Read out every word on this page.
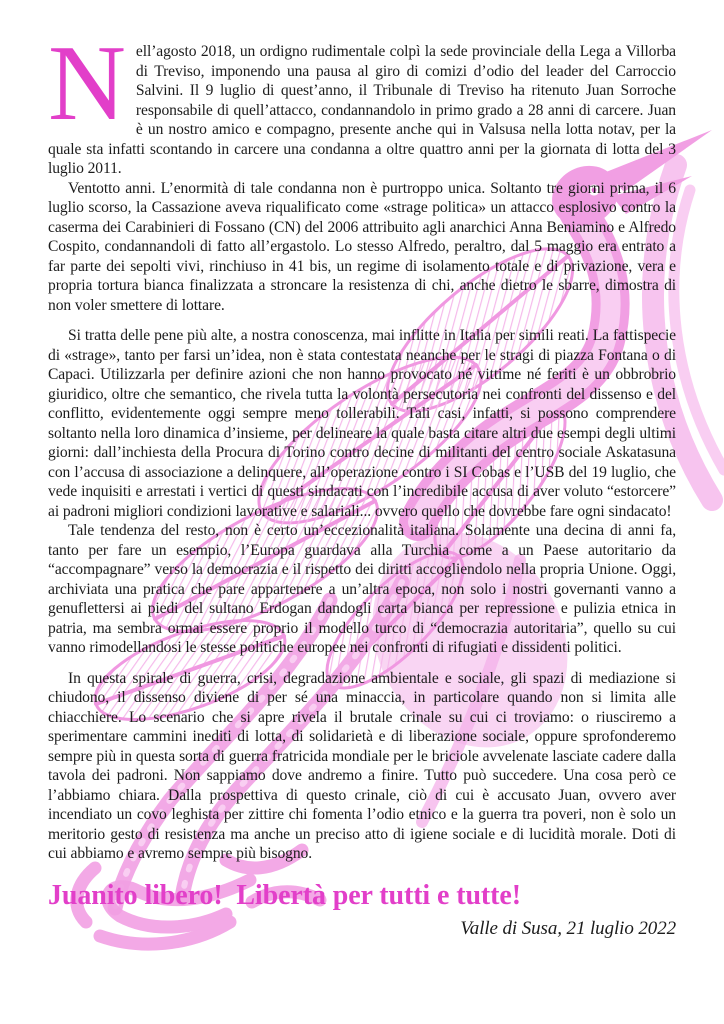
Nell’agosto 2018, un ordigno rudimentale colpì la sede provinciale della Lega a Villorba di Treviso, imponendo una pausa al giro di comizi d’odio del leader del Carroccio Salvini. Il 9 luglio di quest’anno, il Tribunale di Treviso ha ritenuto Juan Sorroche responsabile di quell’attacco, condannandolo in primo grado a 28 anni di carcere. Juan è un nostro amico e compagno, presente anche qui in Valsusa nella lotta notav, per la quale sta infatti scontando in carcere una condanna a oltre quattro anni per la giornata di lotta del 3 luglio 2011.

Ventotto anni. L’enormità di tale condanna non è purtroppo unica. Soltanto tre giorni prima, il 6 luglio scorso, la Cassazione aveva riqualificato come «strage politica» un attacco esplosivo contro la caserma dei Carabinieri di Fossano (CN) del 2006 attribuito agli anarchici Anna Beniamino e Alfredo Cospito, condannandoli di fatto all’ergastolo. Lo stesso Alfredo, peraltro, dal 5 maggio era entrato a far parte dei sepolti vivi, rinchiuso in 41 bis, un regime di isolamento totale e di privazione, vera e propria tortura bianca finalizzata a stroncare la resistenza di chi, anche dietro le sbarre, dimostra di non voler smettere di lottare.

Si tratta delle pene più alte, a nostra conoscenza, mai inflitte in Italia per simili reati. La fattispecie di «strage», tanto per farsi un’idea, non è stata contestata neanche per le stragi di piazza Fontana o di Capaci. Utilizzarla per definire azioni che non hanno provocato né vittime né feriti è un obbrobrio giuridico, oltre che semantico, che rivela tutta la volontà persecutoria nei confronti del dissenso e del conflitto, evidentemente oggi sempre meno tollerabili. Tali casi, infatti, si possono comprendere soltanto nella loro dinamica d’insieme, per delineare la quale basta citare altri due esempi degli ultimi giorni: dall’inchiesta della Procura di Torino contro decine di militanti del centro sociale Askatasuna con l’accusa di associazione a delinquere, all’operazione contro i SI Cobas e l’USB del 19 luglio, che vede inquisiti e arrestati i vertici di questi sindacati con l’incredibile accusa di aver voluto “estorcere” ai padroni migliori condizioni lavorative e salariali... ovvero quello che dovrebbe fare ogni sindacato!

Tale tendenza del resto, non è certo un’eccezionalità italiana. Solamente una decina di anni fa, tanto per fare un esempio, l’Europa guardava alla Turchia come a un Paese autoritario da “accompagnare” verso la democrazia e il rispetto dei diritti accogliendolo nella propria Unione. Oggi, archiviata una pratica che pare appartenere a un’altra epoca, non solo i nostri governanti vanno a genuflettersi ai piedi del sultano Erdogan dandogli carta bianca per repressione e pulizia etnica in patria, ma sembra ormai essere proprio il modello turco di “democrazia autoritaria”, quello su cui vanno rimodellandosi le stesse politiche europee nei confronti di rifugiati e dissidenti politici.

In questa spirale di guerra, crisi, degradazione ambientale e sociale, gli spazi di mediazione si chiudono, il dissenso diviene di per sé una minaccia, in particolare quando non si limita alle chiacchiere. Lo scenario che si apre rivela il brutale crinale su cui ci troviamo: o riusciremo a sperimentare cammini inediti di lotta, di solidarietà e di liberazione sociale, oppure sprofonderemo sempre più in questa sorta di guerra fratricida mondiale per le briciole avvelenate lasciate cadere dalla tavola dei padroni. Non sappiamo dove andremo a finire. Tutto può succedere. Una cosa però ce l’abbiamo chiara. Dalla prospettiva di questo crinale, ciò di cui è accusato Juan, ovvero aver incendiato un covo leghista per zittire chi fomenta l’odio etnico e la guerra tra poveri, non è solo un meritorio gesto di resistenza ma anche un preciso atto di igiene sociale e di lucidità morale. Doti di cui abbiamo e avremo sempre più bisogno.

Juanito libero!  Libertà per tutti e tutte!
Valle di Susa, 21 luglio 2022
